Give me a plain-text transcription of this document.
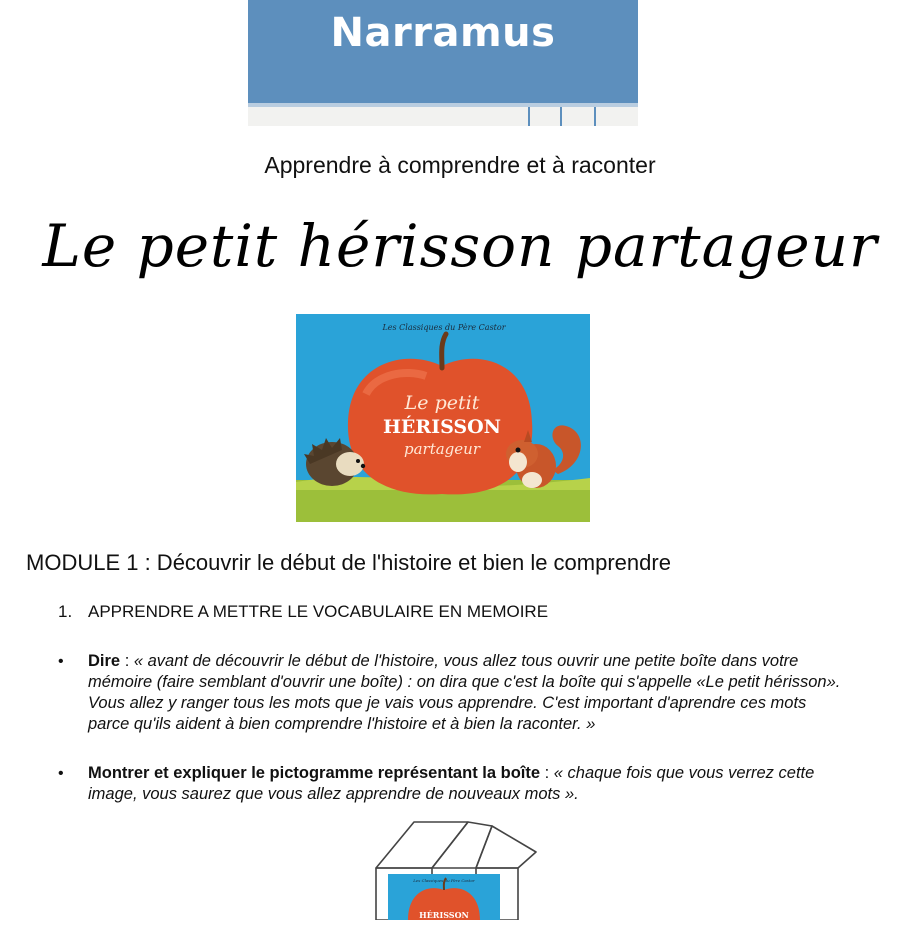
Narramus
Apprendre à comprendre et à raconter
Le petit hérisson partageur
Les Classiques du Père Castor
Le petit
HÉRISSON
partageur
MODULE 1 : Découvrir le début de l'histoire et bien le comprendre
1. APPRENDRE A METTRE LE VOCABULAIRE EN MEMOIRE
• Dire : « avant de découvrir le début de l'histoire, vous allez tous ouvrir une petite boîte dans votre mémoire (faire semblant d'ouvrir une boîte) : on dira que c'est la boîte qui s'appelle «Le petit hérisson». Vous allez y ranger tous les mots que je vais vous apprendre. C'est important d'aprendre ces mots parce qu'ils aident à bien comprendre l'histoire et à bien la raconter. »
• Montrer et expliquer le pictogramme représentant la boîte : « chaque fois que vous verrez cette image, vous saurez que vous allez apprendre de nouveaux mots ».
Les Classiques du Père Castor
HÉRISSON
